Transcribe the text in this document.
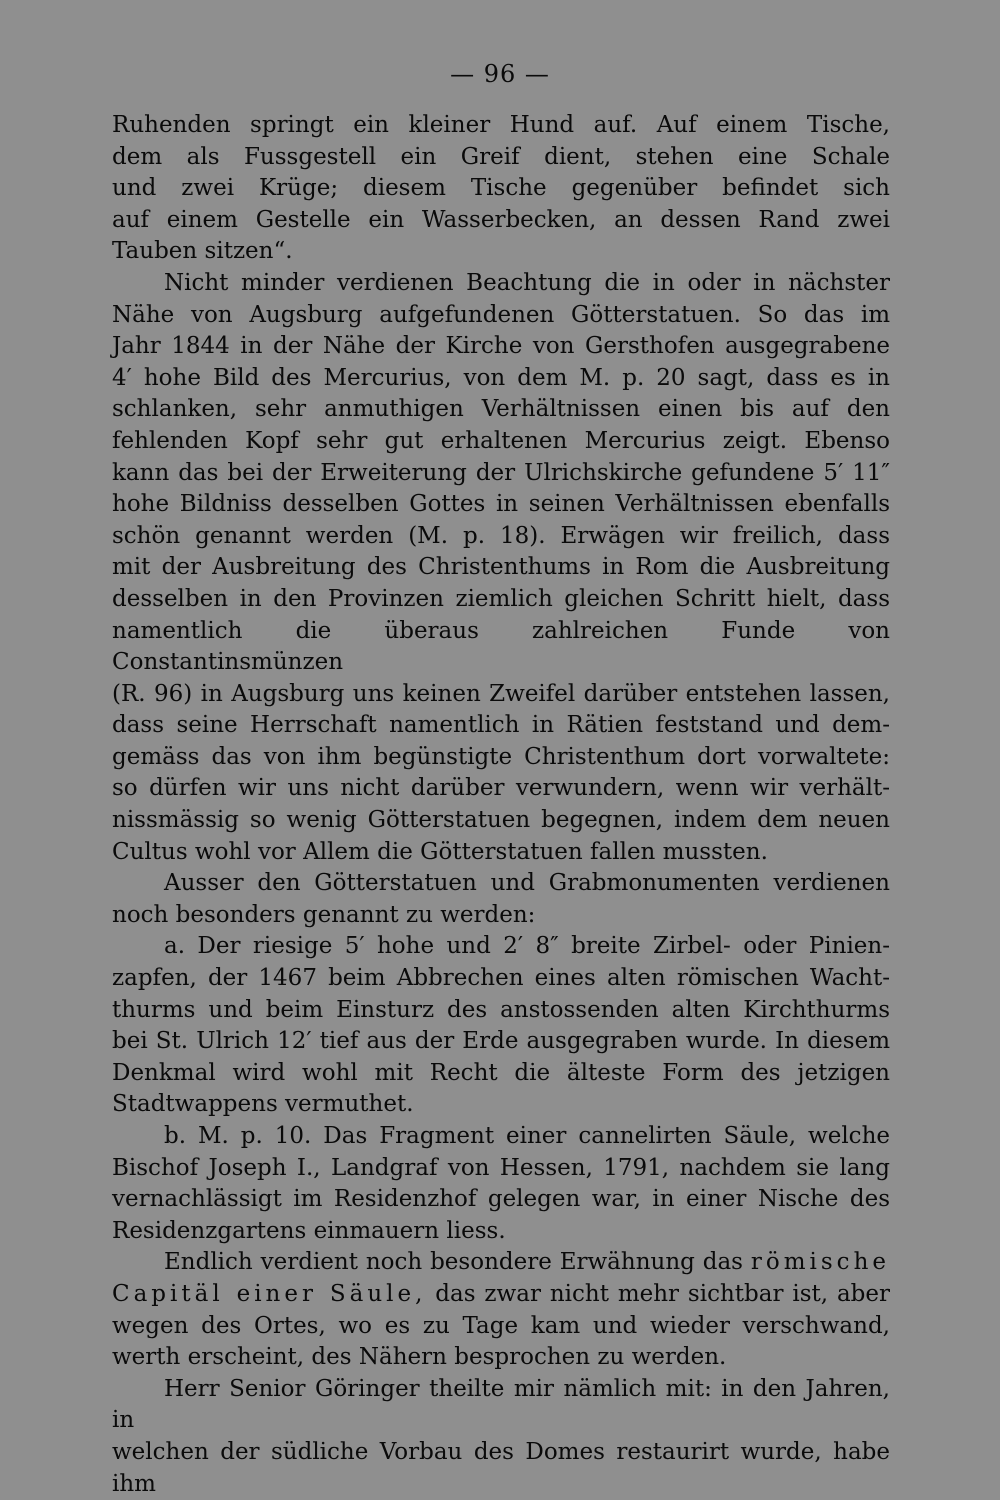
— 96 —

Ruhenden springt ein kleiner Hund auf. Auf einem Tische,

dem als Fussgestell ein Greif dient, stehen eine Schale

und zwei Krüge; diesem Tische gegenüber befindet sich

auf einem Gestelle ein Wasserbecken, an dessen Rand zwei

Tauben sitzen“.

Nicht minder verdienen Beachtung die in oder in nächster

Nähe von Augsburg aufgefundenen Götterstatuen. So das im

Jahr 1844 in der Nähe der Kirche von Gersthofen ausgegrabene

4′ hohe Bild des Mercurius, von dem M. p. 20 sagt, dass es in

schlanken, sehr anmuthigen Verhältnissen einen bis auf den

fehlenden Kopf sehr gut erhaltenen Mercurius zeigt. Ebenso

kann das bei der Erweiterung der Ulrichskirche gefundene 5′ 11″

hohe Bildniss desselben Gottes in seinen Verhältnissen ebenfalls

schön genannt werden (M. p. 18). Erwägen wir freilich, dass

mit der Ausbreitung des Christenthums in Rom die Ausbreitung

desselben in den Provinzen ziemlich gleichen Schritt hielt, dass

namentlich die überaus zahlreichen Funde von Constantinsmünzen

(R. 96) in Augsburg uns keinen Zweifel darüber entstehen lassen,

dass seine Herrschaft namentlich in Rätien feststand und dem-

gemäss das von ihm begünstigte Christenthum dort vorwaltete:

so dürfen wir uns nicht darüber verwundern, wenn wir verhält-

nissmässig so wenig Götterstatuen begegnen, indem dem neuen

Cultus wohl vor Allem die Götterstatuen fallen mussten.

Ausser den Götterstatuen und Grabmonumenten verdienen

noch besonders genannt zu werden:

a. Der riesige 5′ hohe und 2′ 8″ breite Zirbel- oder Pinien-

zapfen, der 1467 beim Abbrechen eines alten römischen Wacht-

thurms und beim Einsturz des anstossenden alten Kirchthurms

bei St. Ulrich 12′ tief aus der Erde ausgegraben wurde. In diesem

Denkmal wird wohl mit Recht die älteste Form des jetzigen

Stadtwappens vermuthet.

b. M. p. 10. Das Fragment einer cannelirten Säule, welche

Bischof Joseph I., Landgraf von Hessen, 1791, nachdem sie lang

vernachlässigt im Residenzhof gelegen war, in einer Nische des

Residenzgartens einmauern liess.

Endlich verdient noch besondere Erwähnung das römische

Capitäl einer Säule, das zwar nicht mehr sichtbar ist, aber

wegen des Ortes, wo es zu Tage kam und wieder verschwand,

werth erscheint, des Nähern besprochen zu werden.

Herr Senior Göringer theilte mir nämlich mit: in den Jahren, in

welchen der südliche Vorbau des Domes restaurirt wurde, habe ihm
